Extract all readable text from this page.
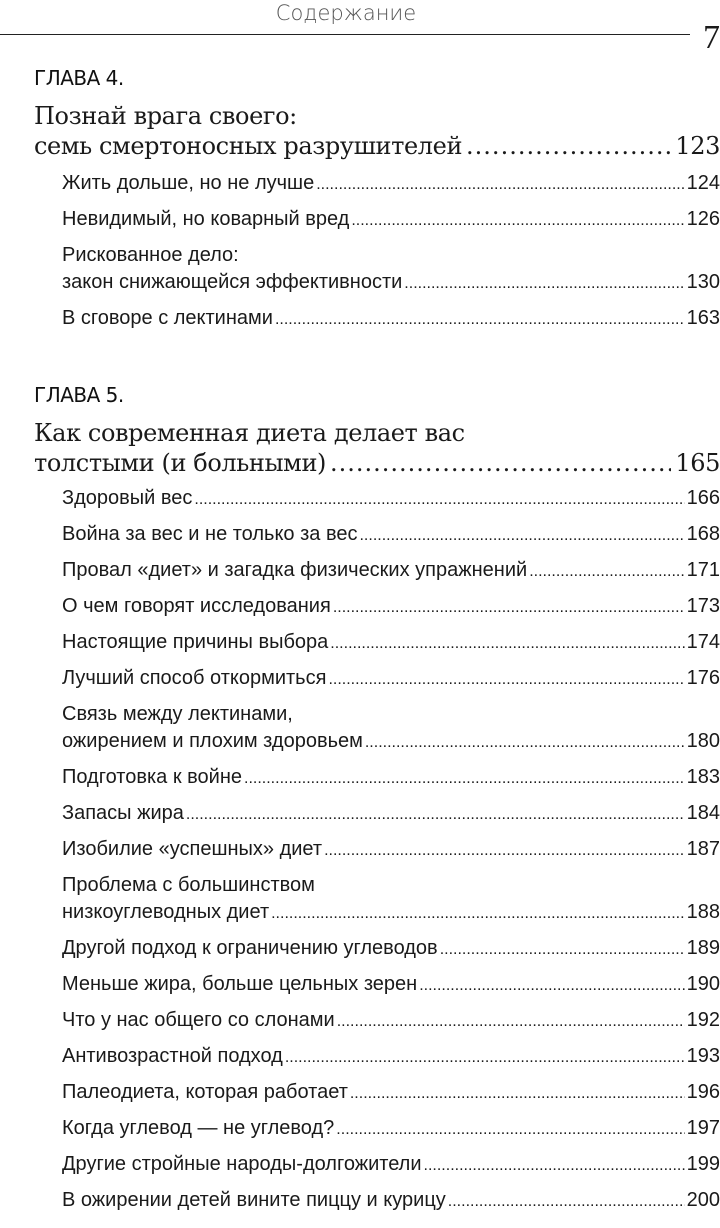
Содержание
7
ГЛАВА 4.
Познай врага своего:
семь смертоносных разрушителей .....	123
Жить дольше, но не лучше .....	124
Невидимый, но коварный вред .....	126
Рискованное дело:
закон снижающейся эффективности .....	130
В сговоре с лектинами .....	163
ГЛАВА 5.
Как современная диета делает вас
толстыми (и больными) .....	165
Здоровый вес .....	166
Война за вес и не только за вес .....	168
Провал «диет» и загадка физических упражнений .....	171
О чем говорят исследования .....	173
Настоящие причины выбора .....	174
Лучший способ откормиться .....	176
Связь между лектинами,
ожирением и плохим здоровьем .....	180
Подготовка к войне .....	183
Запасы жира .....	184
Изобилие «успешных» диет .....	187
Проблема с большинством
низкоуглеводных диет .....	188
Другой подход к ограничению углеводов .....	189
Меньше жира, больше цельных зерен .....	190
Что у нас общего со слонами .....	192
Антивозрастной подход .....	193
Палеодиета, которая работает .....	196
Когда углевод — не углевод? .....	197
Другие стройные народы-долгожители .....	199
В ожирении детей вините пиццу и курицу .....	200
